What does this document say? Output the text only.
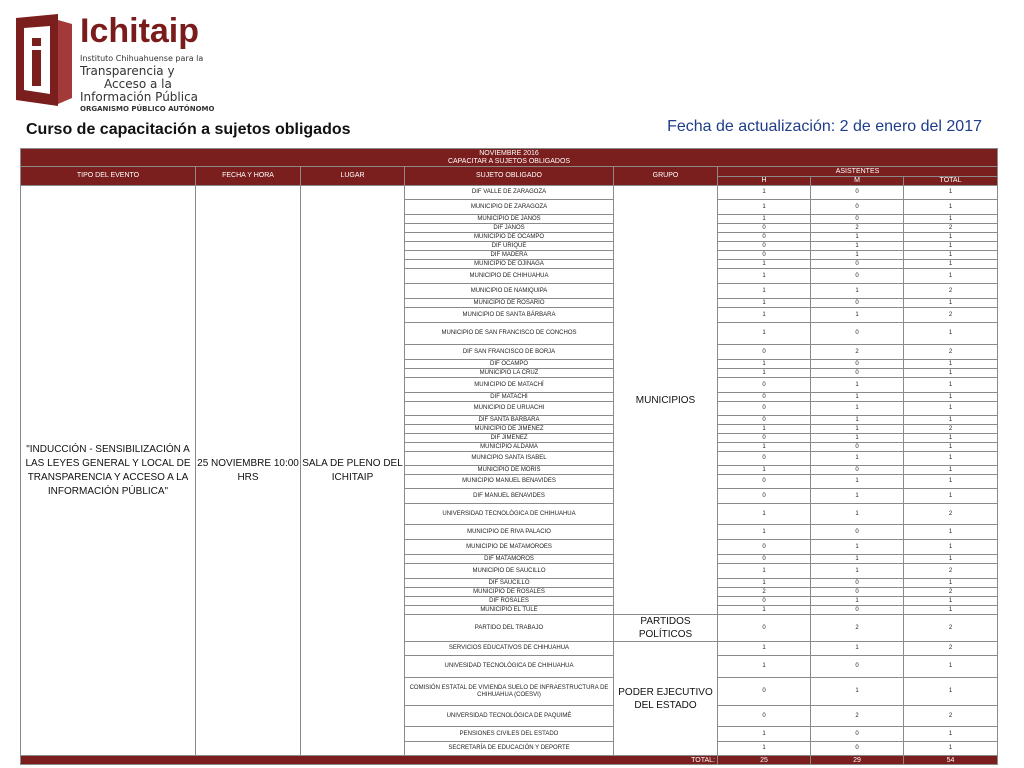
Ichitaip
Instituto Chihuahuense para la
Transparencia y
Acceso a la
Información Pública
ORGANISMO PÚBLICO AUTÓNOMO
Curso de capacitación a sujetos obligados	Fecha de actualización: 2 de enero del 2017
NOVIEMBRE 2016
CAPACITAR A SUJETOS OBLIGADOS							

TIPO DEL EVENTO	FECHA Y HORA	LUGAR	SUJETO OBLIGADO	GRUPO	ASISTENTES		
					H	M	TOTAL
"INDUCCIÓN - SENSIBILIZACIÓN A LAS LEYES GENERAL Y LOCAL DE TRANSPARENCIA Y ACCESO A LA INFORMACIÓN PÚBLICA"	25 NOVIEMBRE 10:00 HRS	SALA DE PLENO DEL ICHITAIP	DIF VALLE DE ZARAGOZA	MUNICIPIOS	1	0	1
			MUNICIPIO DE ZARAGOZA		1	0	1
			MUNICIPIO DE JANOS		1	0	1
			DIF JANOS		0	2	2
			MUNICIPIO DE OCAMPO		0	1	1
			DIF URIQUE		0	1	1
			DIF MADERA		0	1	1
			MUNICIPIO DE OJINAGA		1	0	1
			MUNICIPIO DE CHIHUAHUA		1	0	1
			MUNICIPIO DE NAMIQUIPA		1	1	2
			MUNICIPIO DE ROSARIO		1	0	1
			MUNICIPIO DE SANTA BÁRBARA		1	1	2
			MUNICIPIO DE SAN FRANCISCO DE CONCHOS		1	0	1
			DIF SAN FRANCISCO DE BORJA		0	2	2
			DIF OCAMPO		1	0	1
			MUNICIPIO LA CRUZ		1	0	1
			MUNICIPIO DE MATACHÍ		0	1	1
			DIF MATACHÍ		0	1	1
			MUNICIPIO DE URUACHI		0	1	1
			DIF SANTA BÁRBARA		0	1	1
			MUNICIPIO DE JIMÉNEZ		1	1	2
			DIF JIMÉNEZ		0	1	1
			MUNICIPIO ALDAMA		1	0	1
			MUNICIPIO SANTA ISABEL		0	1	1
			MUNICIPIO DE MORIS		1	0	1
			MUNICIPIO MANUEL BENAVIDES		0	1	1
			DIF MANUEL BENAVIDES		0	1	1
			UNIVERSIDAD TECNOLÓGICA DE CHIHUAHUA		1	1	2
			MUNICIPIO DE RIVA PALACIO		1	0	1
			MUNICIPIO DE MATAMOROES		0	1	1
			DIF MATAMOROS		0	1	1
			MUNICIPIO DE SAUCILLO		1	1	2
			DIF SAUCILLO		1	0	1
			MUNICIPIO DE ROSALES		2	0	2
			DIF ROSALES		0	1	1
			MUNICIPIO EL TULE		1	0	1
			PARTIDO DEL TRABAJO	PARTIDOS POLÍTICOS	0	2	2
			SERVICIOS EDUCATIVOS DE CHIHUAHUA	PODER EJECUTIVO DEL ESTADO	1	1	2
			UNIVESIDAD TECNOLÓGICA DE CHIHUAHUA		1	0	1
			COMISIÓN ESTATAL DE VIVIENDA SUELO DE INFRAESTRUCTURA DE CHIHUAHUA (COESVI)		0	1	1
			UNIVERSIDAD TECNOLÓGICA DE PAQUIMÉ		0	2	2
			PENSIONES CIVILES DEL ESTADO		1	0	1
			SECRETARÍA DE EDUCACIÓN Y DEPORTE		1	0	1
TOTAL:					25	29	54
